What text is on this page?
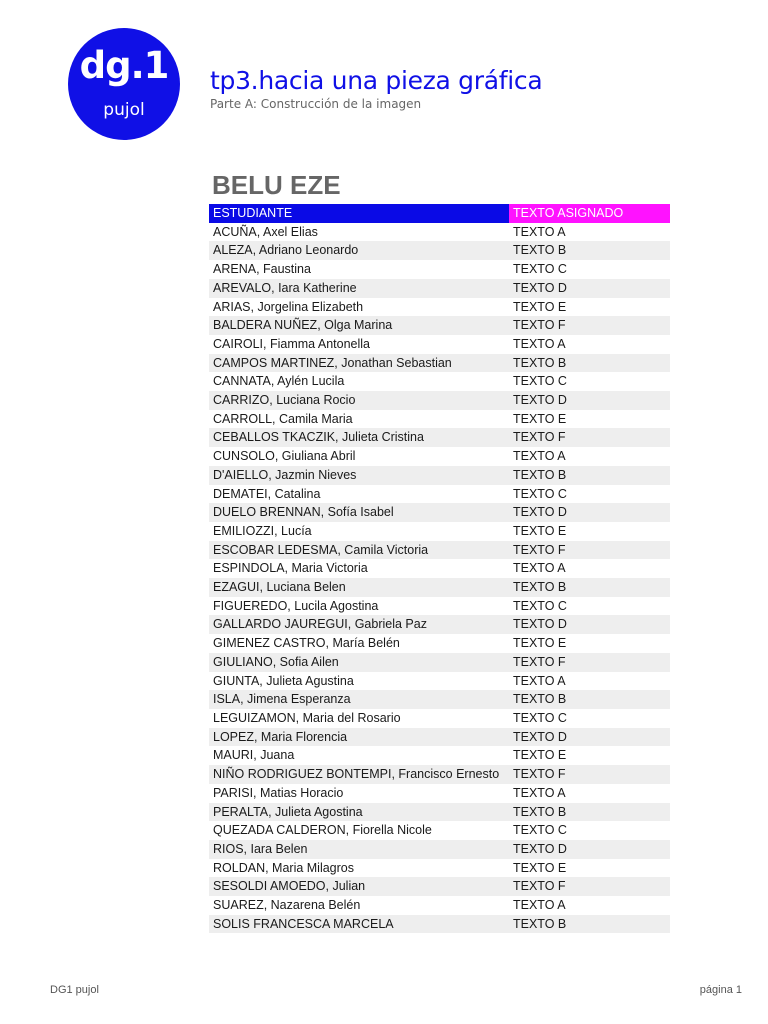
dg.1
pujol
tp3.hacia una pieza gráfica
Parte A: Construcción de la imagen
BELU EZE
ESTUDIANTE	TEXTO ASIGNADO
ACUÑA, Axel Elias	TEXTO A
ALEZA, Adriano Leonardo	TEXTO B
ARENA, Faustina	TEXTO C
AREVALO, Iara Katherine	TEXTO D
ARIAS, Jorgelina Elizabeth	TEXTO E
BALDERA NUÑEZ, Olga Marina	TEXTO F
CAIROLI, Fiamma Antonella	TEXTO A
CAMPOS MARTINEZ, Jonathan Sebastian	TEXTO B
CANNATA, Aylén Lucila	TEXTO C
CARRIZO, Luciana Rocio	TEXTO D
CARROLL, Camila Maria	TEXTO E
CEBALLOS TKACZIK, Julieta Cristina	TEXTO F
CUNSOLO, Giuliana Abril	TEXTO A
D'AIELLO, Jazmin Nieves	TEXTO B
DEMATEI, Catalina	TEXTO C
DUELO BRENNAN, Sofía Isabel	TEXTO D
EMILIOZZI, Lucía	TEXTO E
ESCOBAR LEDESMA, Camila Victoria	TEXTO F
ESPINDOLA, Maria Victoria	TEXTO A
EZAGUI, Luciana Belen	TEXTO B
FIGUEREDO, Lucila Agostina	TEXTO C
GALLARDO JAUREGUI, Gabriela Paz	TEXTO D
GIMENEZ CASTRO, María Belén	TEXTO E
GIULIANO, Sofia Ailen	TEXTO F
GIUNTA, Julieta Agustina	TEXTO A
ISLA, Jimena Esperanza	TEXTO B
LEGUIZAMON, Maria del Rosario	TEXTO C
LOPEZ, Maria Florencia	TEXTO D
MAURI, Juana	TEXTO E
NIÑO RODRIGUEZ BONTEMPI, Francisco Ernesto	TEXTO F
PARISI, Matias Horacio	TEXTO A
PERALTA, Julieta Agostina	TEXTO B
QUEZADA CALDERON, Fiorella Nicole	TEXTO C
RIOS, Iara Belen	TEXTO D
ROLDAN, Maria Milagros	TEXTO E
SESOLDI AMOEDO, Julian	TEXTO F
SUAREZ, Nazarena Belén	TEXTO A
SOLIS FRANCESCA MARCELA	TEXTO B
DG1 pujol	página 1
